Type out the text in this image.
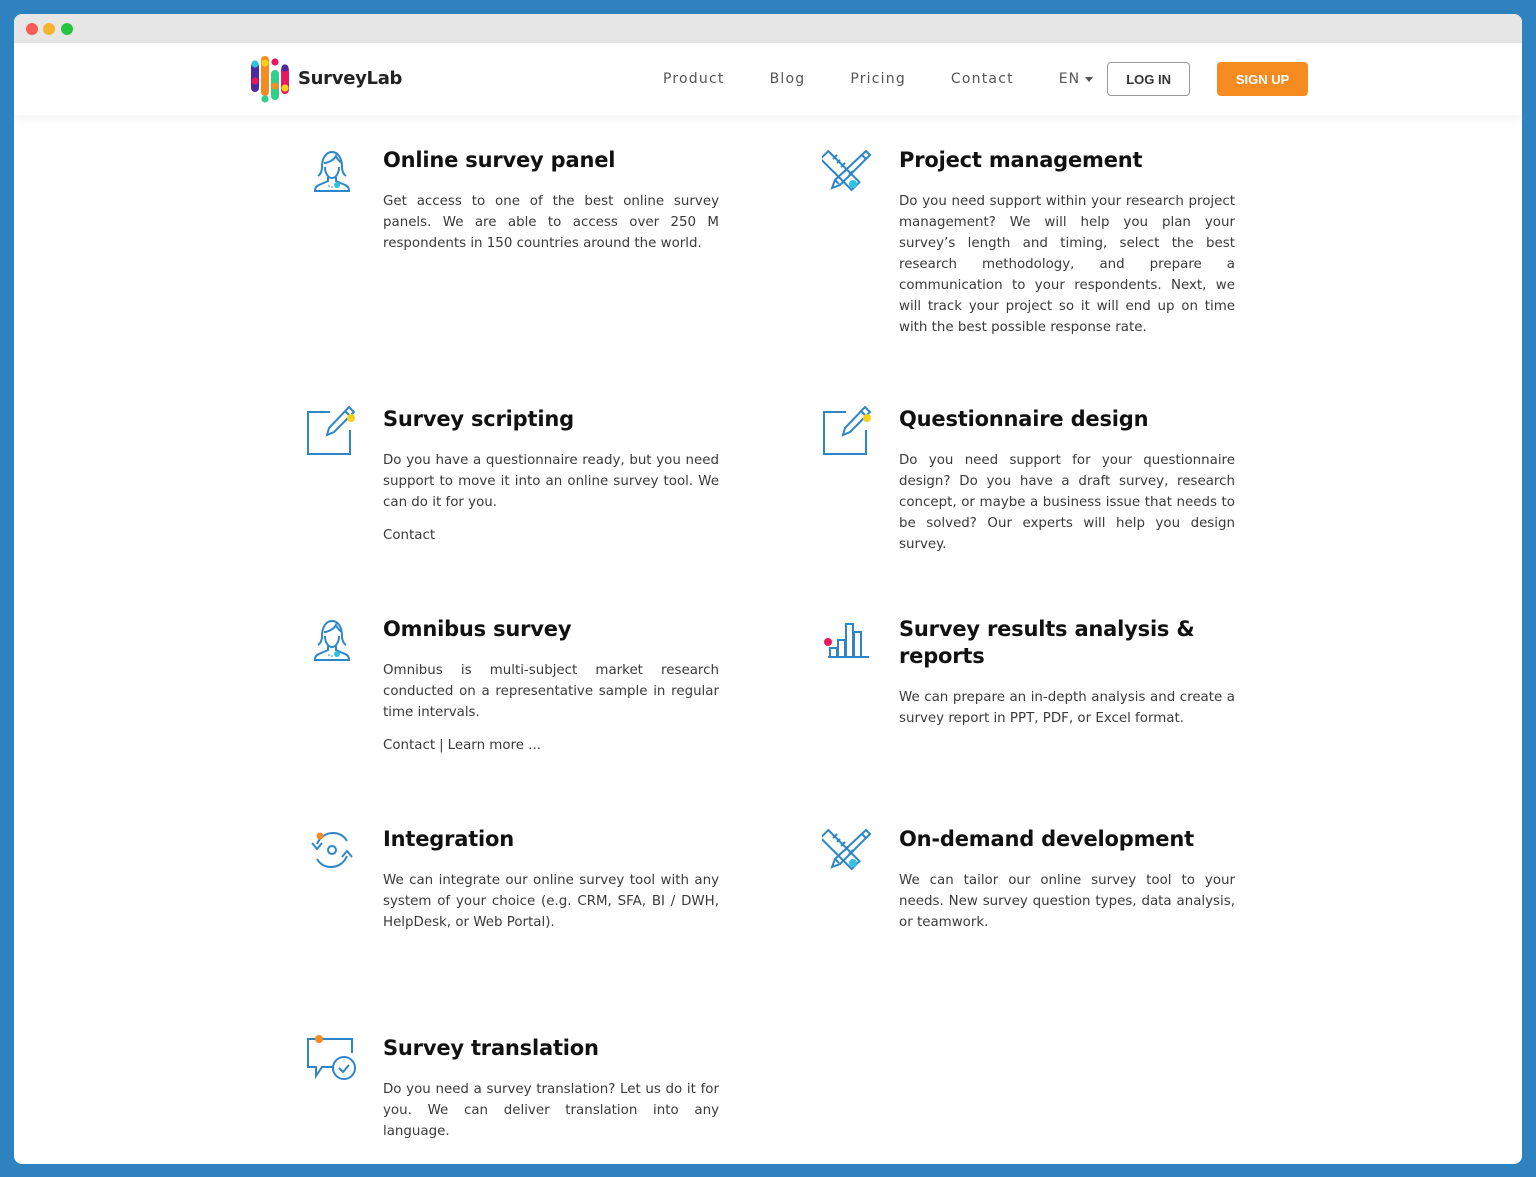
SurveyLab	Product	Blog	Pricing	Contact	EN	LOG IN	SIGN UP
Online survey panel

Get access to one of the best online survey panels. We are able to access over 250 M respondents in 150 countries around the world.

Project management

Do you need support within your research project management? We will help you plan your survey’s length and timing, select the best research methodology, and prepare a communication to your respondents. Next, we will track your project so it will end up on time with the best possible response rate.

Survey scripting

Do you have a questionnaire ready, but you need support to move it into an online survey tool. We can do it for you.

Contact
Questionnaire design

Do you need support for your questionnaire design? Do you have a draft survey, research concept, or maybe a business issue that needs to be solved? Our experts will help you design survey.

Omnibus survey

Omnibus is multi-subject market research conducted on a representative sample in regular time intervals.

Contact | Learn more ...
Survey results analysis & reports

We can prepare an in-depth analysis and create a survey report in PPT, PDF, or Excel format.

Integration

We can integrate our online survey tool with any system of your choice (e.g. CRM, SFA, BI / DWH, HelpDesk, or Web Portal).

On-demand development

We can tailor our online survey tool to your needs. New survey question types, data analysis, or teamwork.

Survey translation

Do you need a survey translation? Let us do it for you. We can deliver translation into any language.
